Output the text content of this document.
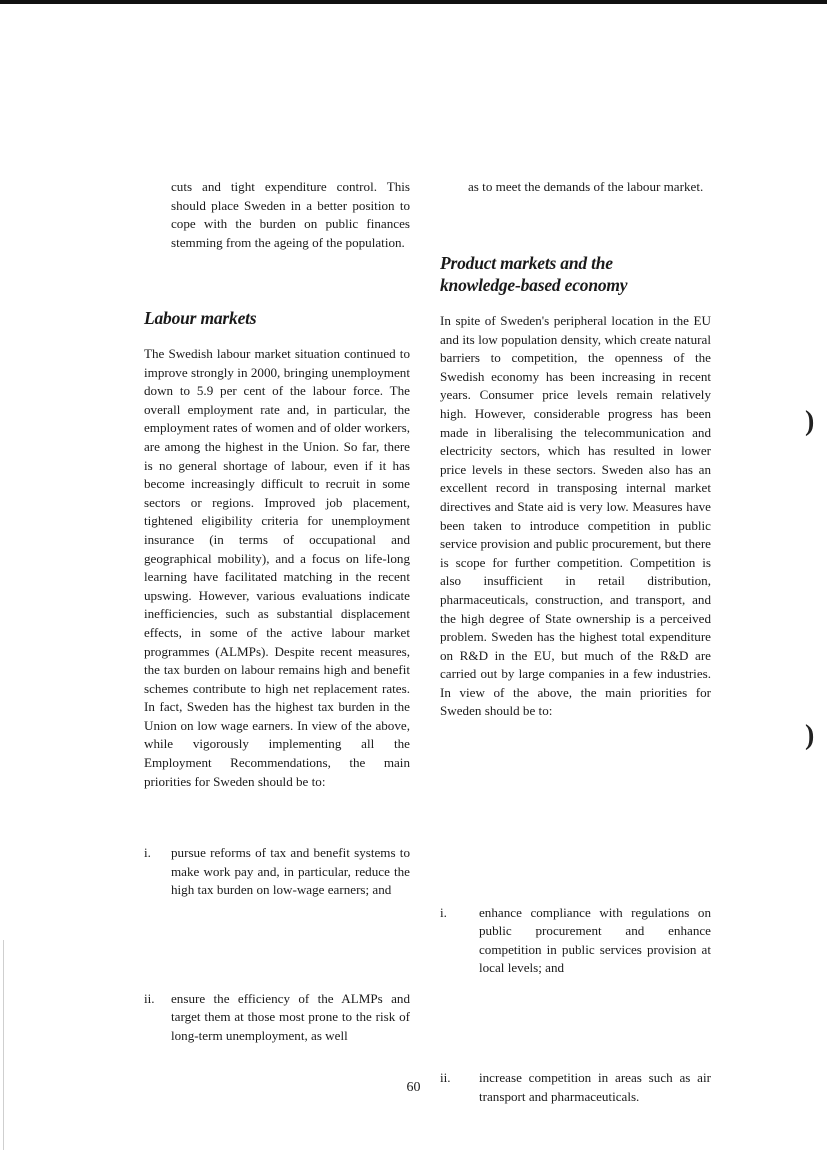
)
)

cuts and tight expenditure control. This should place Sweden in a better position to cope with the burden on public finances stemming from the ageing of the population.

Labour markets

The Swedish labour market situation continued to improve strongly in 2000, bringing unemployment down to 5.9 per cent of the labour force. The overall employment rate and, in particular, the employment rates of women and of older workers, are among the highest in the Union. So far, there is no general shortage of labour, even if it has become increasingly difficult to recruit in some sectors or regions. Improved job placement, tightened eligibility criteria for unemployment insurance (in terms of occupational and geographical mobility), and a focus on life-long learning have facilitated matching in the recent upswing. However, various evaluations indicate inefficiencies, such as substantial displacement effects, in some of the active labour market programmes (ALMPs). Despite recent measures, the tax burden on labour remains high and benefit schemes contribute to high net replacement rates. In fact, Sweden has the highest tax burden in the Union on low wage earners. In view of the above, while vigorously implementing all the Employment Recommendations, the main priorities for Sweden should be to:

i. pursue reforms of tax and benefit systems to make work pay and, in particular, reduce the high tax burden on low-wage earners; and
ii. ensure the efficiency of the ALMPs and target them at those most prone to the risk of long-term unemployment, as well

as to meet the demands of the labour market.

Product markets and the
knowledge-based economy

In spite of Sweden's peripheral location in the EU and its low population density, which create natural barriers to competition, the openness of the Swedish economy has been increasing in recent years. Consumer price levels remain relatively high. However, considerable progress has been made in liberalising the telecommunication and electricity sectors, which has resulted in lower price levels in these sectors. Sweden also has an excellent record in transposing internal market directives and State aid is very low. Measures have been taken to introduce competition in public service provision and public procurement, but there is scope for further competition. Competition is also insufficient in retail distribution, pharmaceuticals, construction, and transport, and the high degree of State ownership is a perceived problem. Sweden has the highest total expenditure on R&D in the EU, but much of the R&D are carried out by large companies in a few industries. In view of the above, the main priorities for Sweden should be to:

i. enhance compliance with regulations on public procurement and enhance competition in public services provision at local levels; and
ii. increase competition in areas such as air transport and pharmaceuticals.
60
